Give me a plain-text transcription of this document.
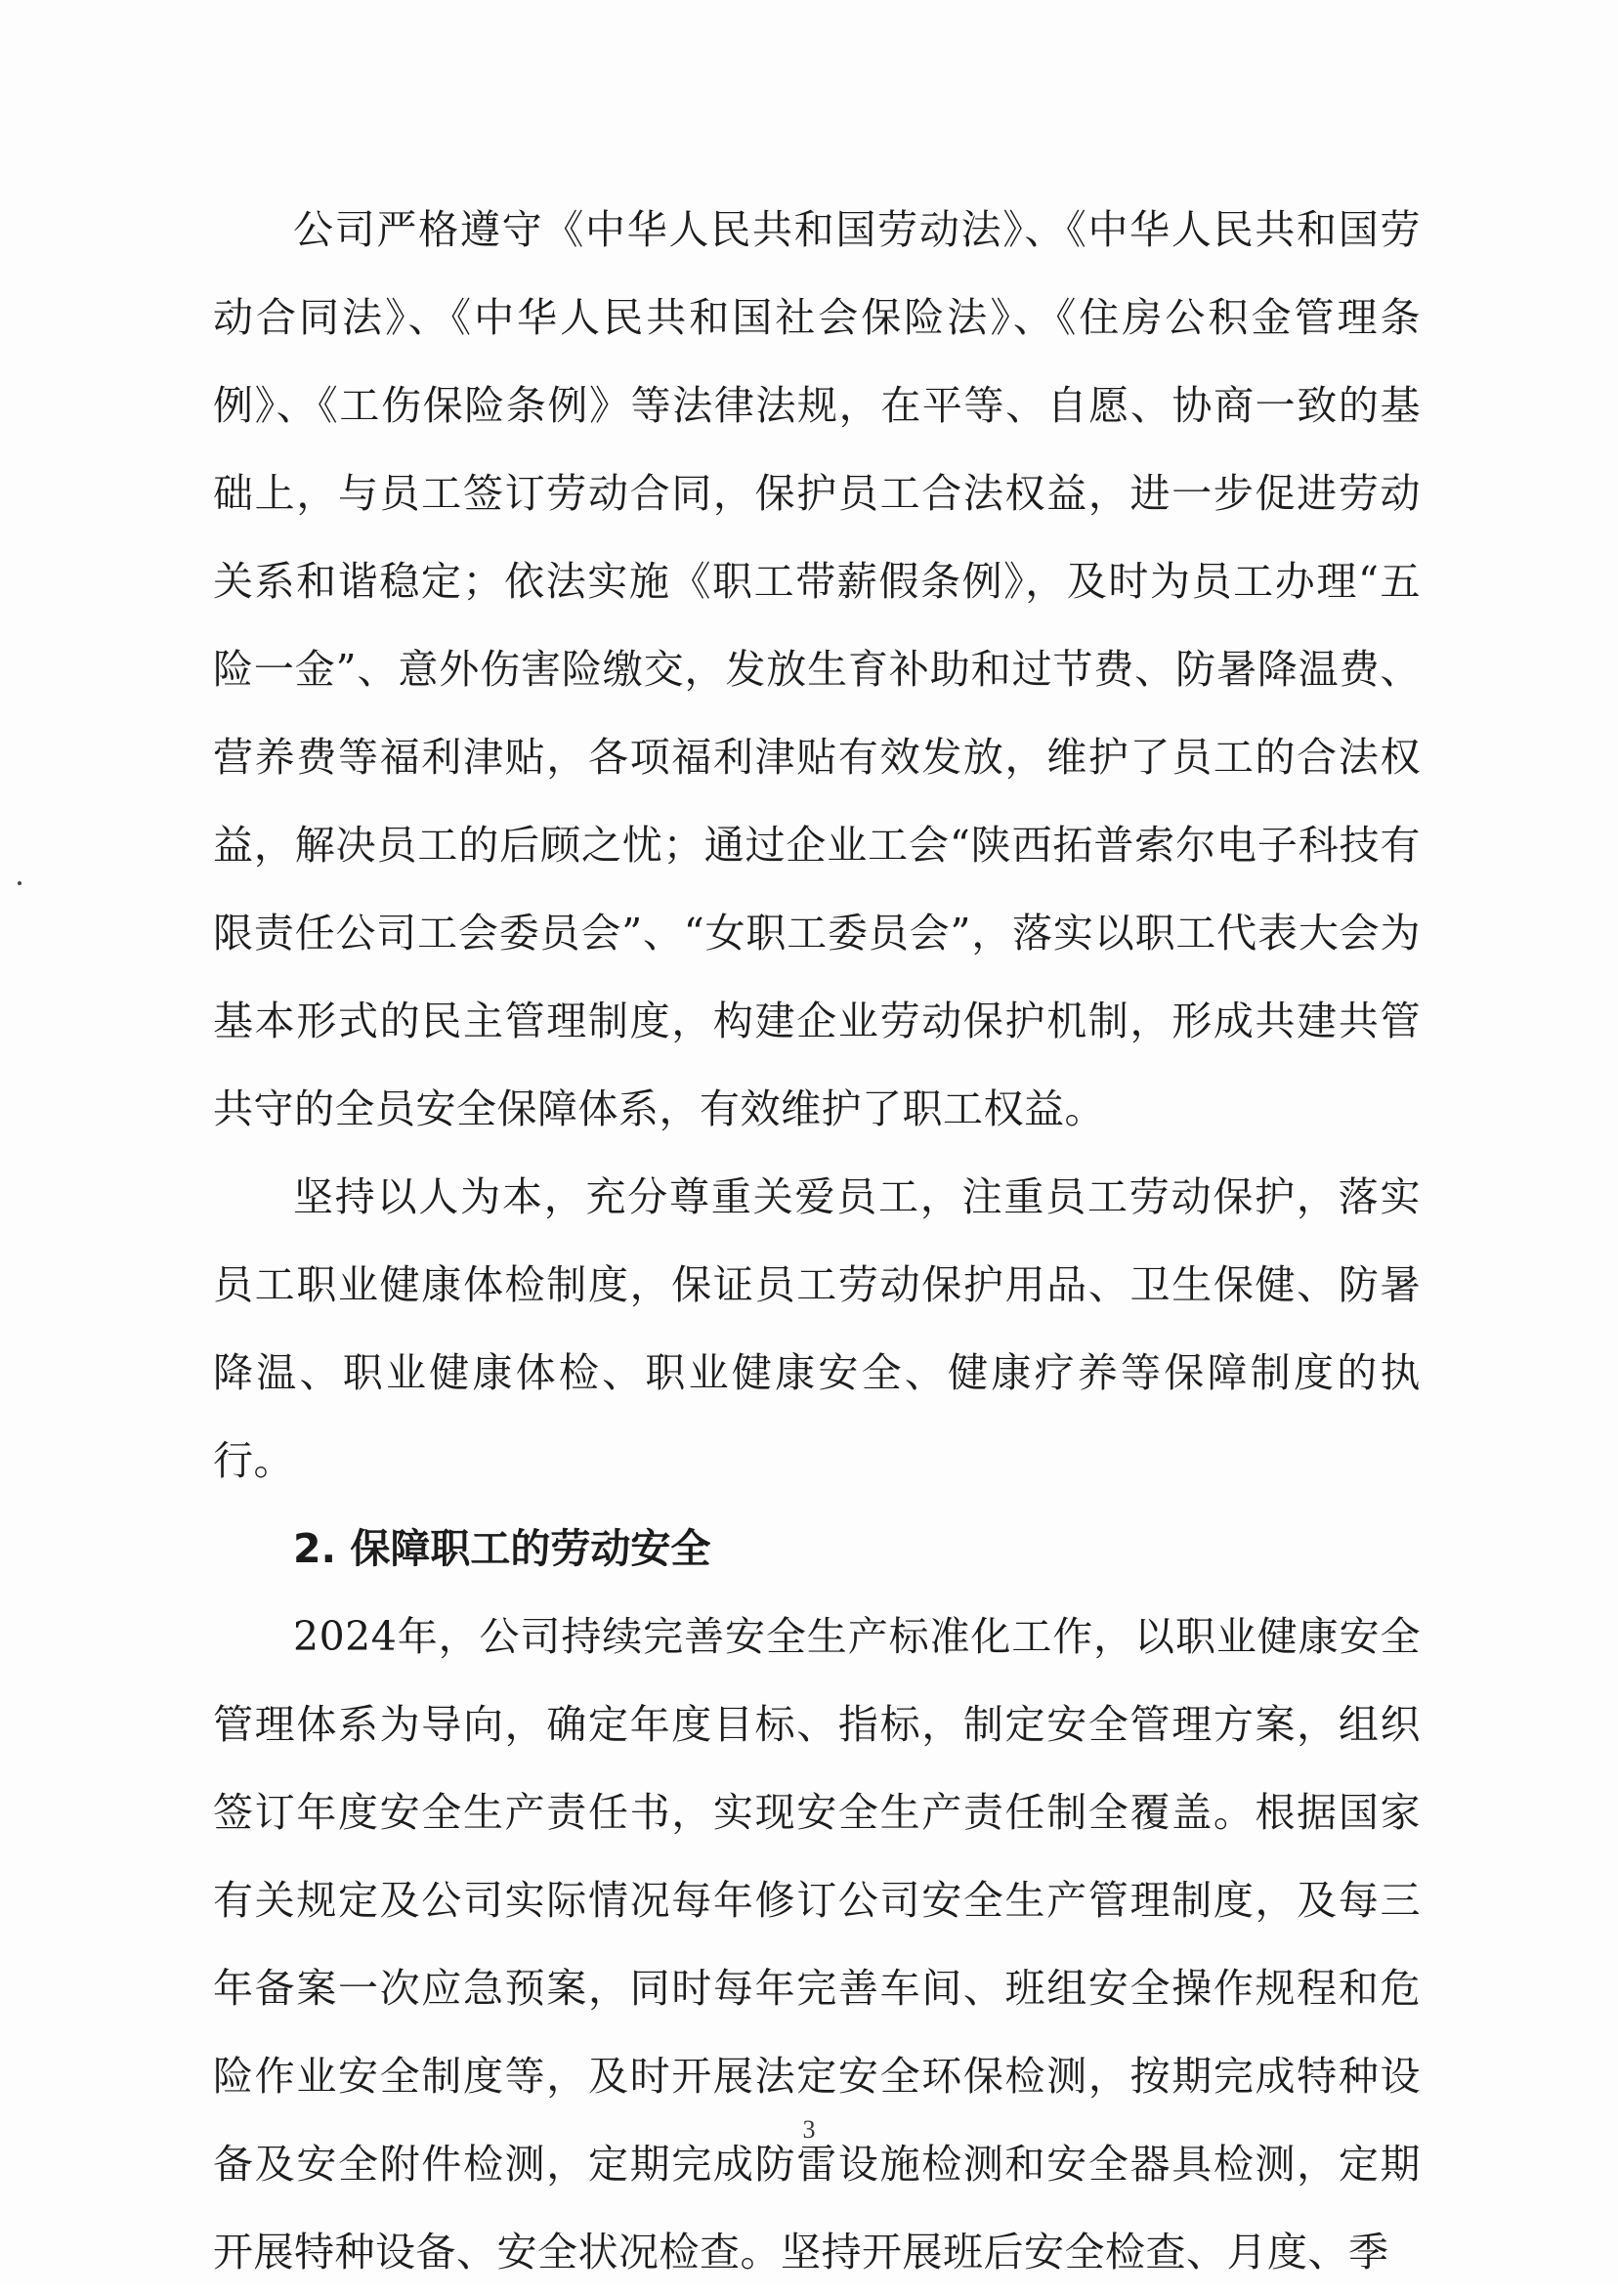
公司严格遵守《中华人民共和国劳动法》、《中华人民共和国劳动合同法》、《中华人民共和国社会保险法》、《住房公积金管理条例》、《工伤保险条例》等法律法规，在平等、自愿、协商一致的基础上，与员工签订劳动合同，保护员工合法权益，进一步促进劳动关系和谐稳定；依法实施《职工带薪假条例》，及时为员工办理“五险一金”、意外伤害险缴交，发放生育补助和过节费、防暑降温费、营养费等福利津贴，各项福利津贴有效发放，维护了员工的合法权益，解决员工的后顾之忧；通过企业工会“陕西拓普索尔电子科技有限责任公司工会委员会”、“女职工委员会”，落实以职工代表大会为基本形式的民主管理制度，构建企业劳动保护机制，形成共建共管共守的全员安全保障体系，有效维护了职工权益。

坚持以人为本，充分尊重关爱员工，注重员工劳动保护，落实员工职业健康体检制度，保证员工劳动保护用品、卫生保健、防暑降温、职业健康体检、职业健康安全、健康疗养等保障制度的执行。

2. 保障职工的劳动安全

2024年，公司持续完善安全生产标准化工作，以职业健康安全管理体系为导向，确定年度目标、指标，制定安全管理方案，组织签订年度安全生产责任书，实现安全生产责任制全覆盖。根据国家有关规定及公司实际情况每年修订公司安全生产管理制度，及每三年备案一次应急预案，同时每年完善车间、班组安全操作规程和危险作业安全制度等，及时开展法定安全环保检测，按期完成特种设备及安全附件检测，定期完成防雷设施检测和安全器具检测，定期开展特种设备、安全状况检查。坚持开展班后安全检查、月度、季

3
